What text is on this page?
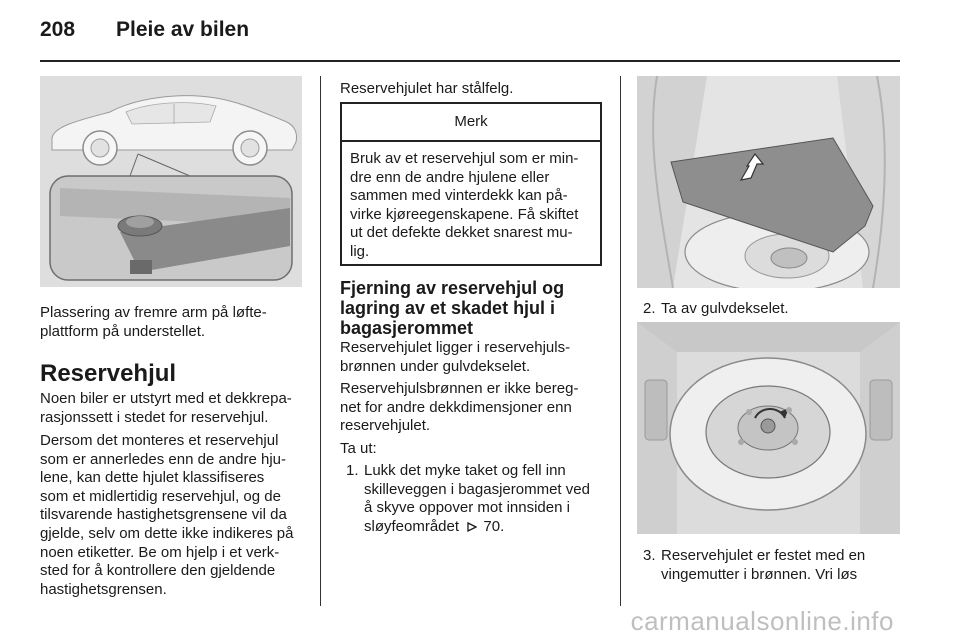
208 Pleie av bilen

Plassering av fremre arm på løfte-

plattform på understellet.

Reservehjul

Noen biler er utstyrt med et dekkrepa-

rasjonssett i stedet for reservehjul.

Dersom det monteres et reservehjul

som er annerledes enn de andre hju-

lene, kan dette hjulet klassifiseres

som et midlertidig reservehjul, og de

tilsvarende hastighetsgrensene vil da

gjelde, selv om dette ikke indikeres på

noen etiketter. Be om hjelp i et verk-

sted for å kontrollere den gjeldende

hastighetsgrensen.

Reservehjulet har stålfelg.
Merk
Bruk av et reservehjul som er min-
dre enn de andre hjulene eller
sammen med vinterdekk kan på-
virke kjøreegenskapene. Få skiftet
ut det defekte dekket snarest mu-
lig.
Fjerning av reservehjul og
lagring av et skadet hjul i
bagasjerommet

Reservehjulet ligger i reservehjuls-

brønnen under gulvdekselet.

Reservehjulsbrønnen er ikke bereg-

net for andre dekkdimensjoner enn

reservehjulet.

Ta ut:
1. Lukk det myke taket og fell inn
skilleveggen i bagasjerommet ved
å skyve oppover mot innsiden i
sløyfeområdet 70.
2. Ta av gulvdekselet.
3. Reservehjulet er festet med en
vingemutter i brønnen. Vri løs
carmanualsonline.info
